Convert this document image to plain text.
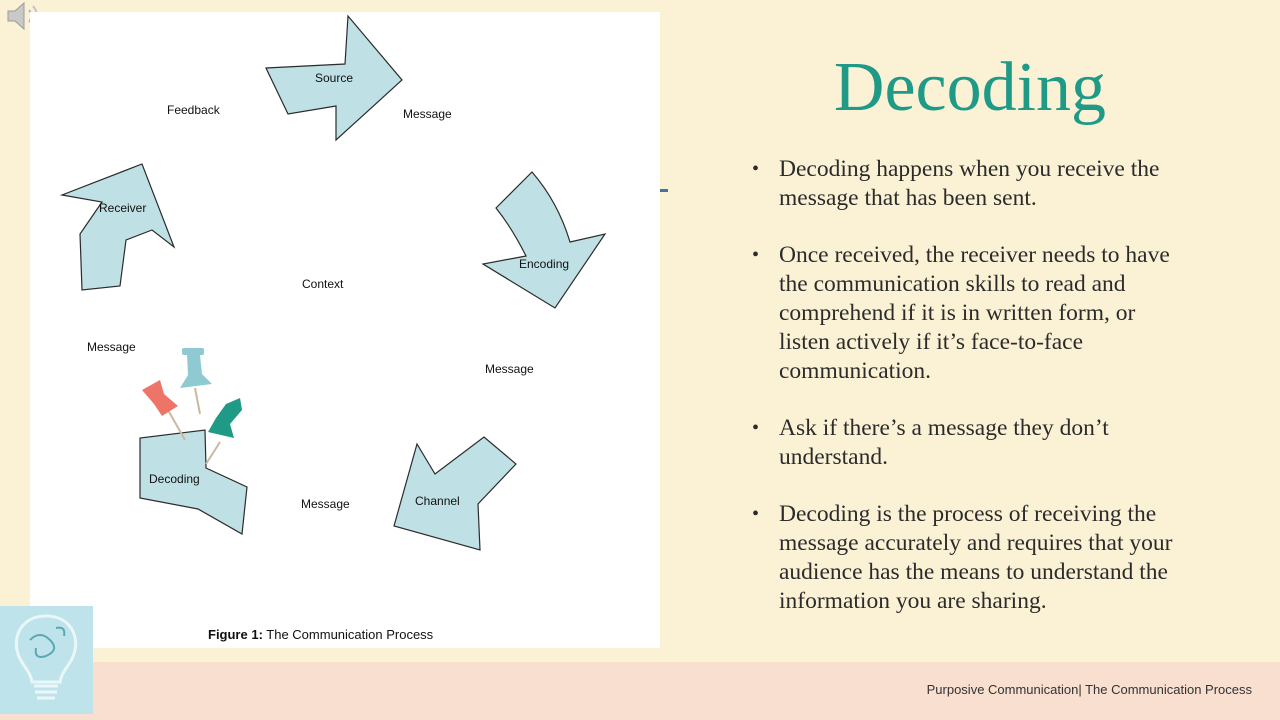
Source
Encoding
Channel
Decoding
Receiver
Feedback
Context
Message
Message
Message
Message
Figure 1: The Communication Process
Decoding
• Decoding happens when you receive the message that has been sent.
• Once received, the receiver needs to have the communication skills to read and comprehend if it is in written form, or listen actively if it’s face-to-face communication.
• Ask if there’s a message they don’t understand.
• Decoding is the process of receiving the message accurately and requires that your audience has the means to understand the information you are sharing.
Purposive Communication| The Communication Process
